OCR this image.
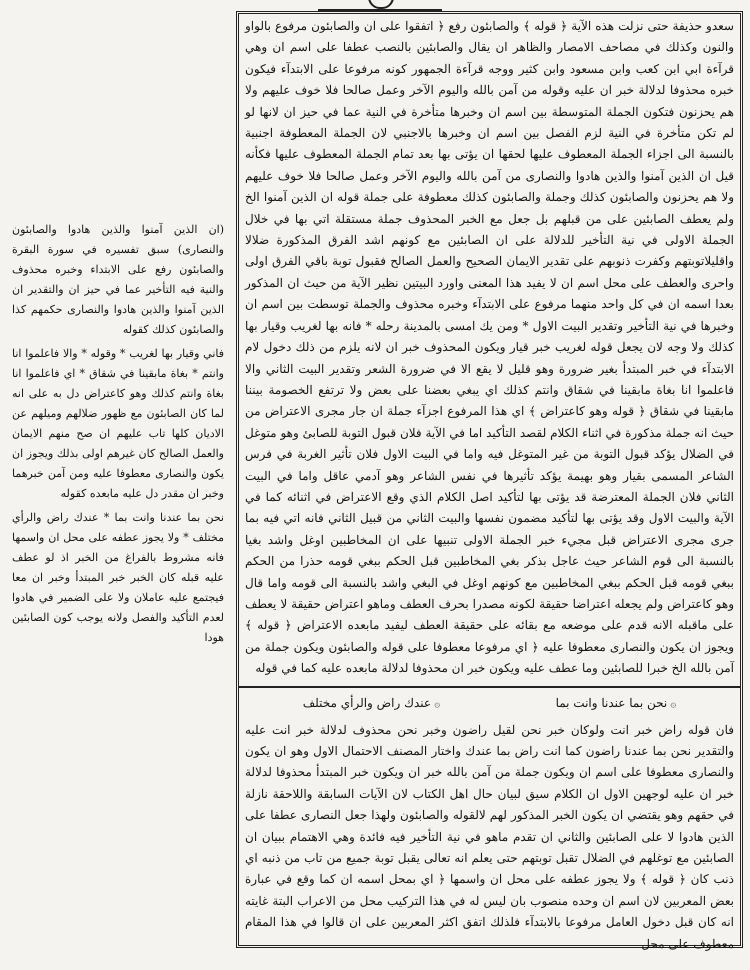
سعدو حذيفة حتى نزلت هذه الآية ﴿ قوله ﴾ والصابئون رفع ﴿ اتفقوا على ان والصابئون مرفوع بالواو والنون وكذلك في مصاحف الامصار والظاهر ان يقال والصابئين بالنصب عطفا على اسم ان وهي قرآءة ابي ابن كعب وابن مسعود وابن كثير ووجه قرآءة الجمهور كونه مرفوعا على الابتدآء فيكون خبره محذوفا لدلالة خبر ان عليه وقوله من آمن بالله واليوم الآخر وعمل صالحا فلا خوف عليهم ولا هم يحزنون فتكون الجملة المتوسطة بين اسم ان وخبرها متأخرة في النية عما في حيز ان لانها لو لم تكن متأخرة في النية لزم الفصل بين اسم ان وخبرها بالاجنبي لان الجملة المعطوفة اجنبية بالنسبة الى اجزاء الجملة المعطوف عليها لحقها ان يؤتى بها بعد تمام الجملة المعطوف عليها فكأنه قيل ان الذين آمنوا والذين هادوا والنصارى من آمن بالله واليوم الآخر وعمل صالحا فلا خوف عليهم ولا هم يحزنون والصابئون كذلك وجملة والصابئون كذلك معطوفة على جملة قوله ان الذين آمنوا الخ ولم يعطف الصابئين على من قبلهم بل جعل مع الخبر المحذوف جملة مستقلة اتي بها في خلال الجملة الاولى في نية التأخير للدلالة على ان الصابئين مع كونهم اشد الفرق المذكورة ضلالا واقليلاتوبتهم وكفرت ذنوبهم على تقدير الايمان الصحيح والعمل الصالح فقبول توبة باقي الفرق اولى واحرى والعطف على محل اسم ان لا يفيد هذا المعنى واورد البيتين نظير الآية من حيث ان المذكور بعدا اسمه ان في كل واحد منهما مرفوع على الابتدآء وخبره محذوف والجملة توسطت بين اسم ان وخبرها في نية التأخير وتقدير البيت الاول * ومن يك امسى بالمدينة رحله * فانه بها لغريب وقيار بها كذلك ولا وجه لان يجعل قوله لغريب خبر قيار ويكون المحذوف خبر ان لانه يلزم من ذلك دخول لام الابتدآء في خبر المبتدأ بغير ضرورة وهو قليل لا يقع الا في ضرورة الشعر وتقدير البيت الثاني والا فاعلموا انا بغاة مابقينا في شقاق وانتم كذلك اي يبغي بعضنا على بعض ولا ترتفع الخصومة بيننا مابقينا في شقاق ﴿ قوله وهو كاعتراض ﴾ اي هذا المرفوع اجزآء جملة ان جار مجرى الاعتراض من حيث انه جملة مذكورة في اثناء الكلام لقصد التأكيد اما في الآية فلان قبول التوبة للصابئ وهو متوغل في الضلال يؤكد قبول التوبة من غير المتوغل فيه واما في البيت الاول فلان تأثير الغربة في فرس الشاعر المسمى بقيار وهو بهيمة يؤكد تأثيرها في نفس الشاعر وهو آدمي عاقل واما في البيت الثاني فلان الجملة المعترضة قد يؤتى بها لتأكيد اصل الكلام الذي وقع الاعتراض في اثنائه كما في الآية والبيت الاول وقد يؤتى بها لتأكيد مضمون نفسها والبيت الثاني من قبيل الثاني فانه اتي فيه بما جرى مجرى الاعتراض قبل مجيء خبر الجملة الاولى تنبيها على ان المخاطبين اوغل واشد بغيا بالنسبة الى قوم الشاعر حيث عاجل بذكر بغي المخاطبين قبل الحكم ببغي قومه حذرا من الحكم ببغي قومه قبل الحكم ببغي المخاطبين مع كونهم اوغل في البغي واشد بالنسبة الى قومه واما قال وهو كاعتراض ولم يجعله اعتراضا حقيقة لكونه مصدرا بحرف العطف وماهو اعتراض حقيقة لا يعطف على ماقبله الانه قدم على موضعه مع بقائه على حقيقة العطف ليفيد مابعده الاعتراض ﴿ قوله ﴾ ويجوز ان يكون والنصارى معطوفا عليه ﴿ اي مرفوعا معطوفا على قوله والصابئون ويكون جملة من آمن بالله الخ خبرا للصابئين وما عطف عليه ويكون خبر ان محذوفا لدلالة مابعده عليه كما في قوله

۞ نحن بما عندنا وانت بما
۞ عندك راض والرأي مختلف

فان قوله راض خبر انت ولوكان خبر نحن لقيل راضون وخبر نحن محذوف لدلالة خبر انت عليه والتقدير نحن بما عندنا راضون كما انت راض بما عندك واختار المصنف الاحتمال الاول وهو ان يكون والنصارى معطوفا على اسم ان ويكون جملة من آمن بالله خبر ان ويكون خبر المبتدأ محذوفا لدلالة خبر ان عليه لوجهين الاول ان الكلام سيق لبيان حال اهل الكتاب لان الآيات السابقة واللاحقة نازلة في حقهم وهو يقتضي ان يكون الخبر المذكور لهم لالقوله والصابئون ولهذا جعل النصارى عطفا على الذين هادوا لا على الصابئين والثاني ان تقدم ماهو في نية التأخير فيه فائدة وهي الاهتمام ببيان ان الصابئين مع توغلهم في الضلال تقبل توبتهم حتى يعلم انه تعالى يقبل توبة جميع من تاب من ذنبه اي ذنب كان ﴿ قوله ﴾ ولا يجوز عطفه على محل ان واسمها ﴿ اي بمحل اسمه ان كما وقع في عبارة بعض المعربين لان اسم ان وحده منصوب بان ليس له في هذا التركيب محل من الاعراب البتة غايته انه كان قبل دخول العامل مرفوعا بالابتدآء فلذلك اتفق اكثر المعربين على ان قالوا في هذا المقام معطوف على محل

(ان الذين آمنوا والذين هادوا والصابئون والنصارى) سبق تفسيره في سورة البقرة والصابئون رفع على الابتداء وخبره محذوف والنية فيه التأخير عما في حيز ان والتقدير ان الذين آمنوا والذين هادوا والنصارى حكمهم كذا والصابئون كذلك كقوله

فاني وقيار بها لغريب * وقوله * والا فاعلموا انا وانتم * بغاة مابقينا في شقاق * اي فاعلموا انا بغاة وانتم كذلك وهو كاعتراض دل به على انه لما كان الصابئون مع ظهور ضلالهم وميلهم عن الاديان كلها تاب عليهم ان صح منهم الايمان والعمل الصالح كان غيرهم اولى بذلك ويجوز ان يكون والنصارى معطوفا عليه ومن آمن خبرهما وخبر ان مقدر دل عليه مابعده كقوله

نحن بما عندنا وانت بما * عندك راض والرأي مختلف * ولا يجوز عطفه على محل ان واسمها فانه مشروط بالفراغ من الخبر اذ لو عطف عليه قبله كان الخبر خبر المبتدأ وخبر ان معا فيجتمع عليه عاملان ولا على الضمير في هادوا لعدم التأكيد والفصل ولانه يوجب كون الصابئين هودا
